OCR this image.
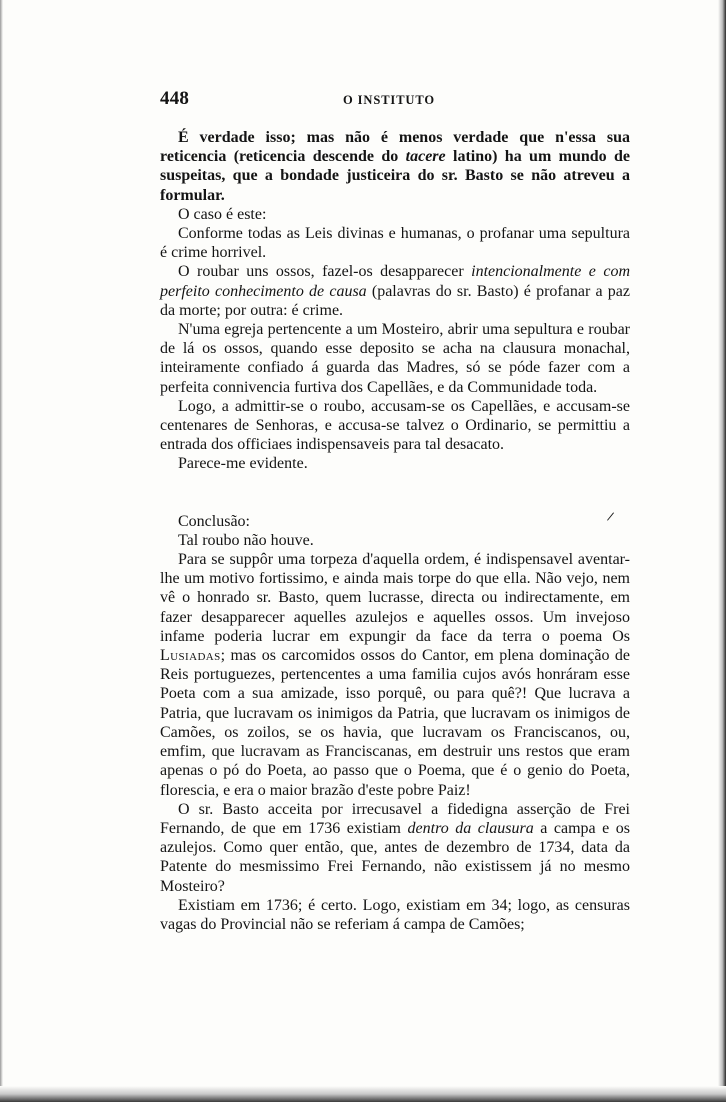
448	O INSTITUTO

É verdade isso; mas não é menos verdade que n'essa sua reticencia (reticencia descende do tacere latino) ha um mundo de suspeitas, que a bondade justiceira do sr. Basto se não atreveu a formular.

O caso é este:

Conforme todas as Leis divinas e humanas, o profanar uma sepultura é crime horrivel.

O roubar uns ossos, fazel-os desapparecer intencionalmente e com perfeito conhecimento de causa (palavras do sr. Basto) é profanar a paz da morte; por outra: é crime.

N'uma egreja pertencente a um Mosteiro, abrir uma sepultura e roubar de lá os ossos, quando esse deposito se acha na clausura monachal, inteiramente confiado á guarda das Madres, só se póde fazer com a perfeita connivencia furtiva dos Capellães, e da Communidade toda.

Logo, a admittir-se o roubo, accusam-se os Capellães, e accusam-se centenares de Senhoras, e accusa-se talvez o Ordinario, se permittiu a entrada dos officiaes indispensaveis para tal desacato.

Parece-me evidente.

Conclusão:

Tal roubo não houve.

Para se suppôr uma torpeza d'aquella ordem, é indispensavel aventar-lhe um motivo fortissimo, e ainda mais torpe do que ella. Não vejo, nem vê o honrado sr. Basto, quem lucrasse, directa ou indirectamente, em fazer desapparecer aquelles azulejos e aquelles ossos. Um invejoso infame poderia lucrar em expungir da face da terra o poema Os Lusiadas; mas os carcomidos ossos do Cantor, em plena dominação de Reis portuguezes, pertencentes a uma familia cujos avós honráram esse Poeta com a sua amizade, isso porquê, ou para quê?! Que lucrava a Patria, que lucravam os inimigos da Patria, que lucravam os inimigos de Camões, os zoilos, se os havia, que lucravam os Franciscanos, ou, emfim, que lucravam as Franciscanas, em destruir uns restos que eram apenas o pó do Poeta, ao passo que o Poema, que é o genio do Poeta, florescia, e era o maior brazão d'este pobre Paiz!

O sr. Basto acceita por irrecusavel a fidedigna asserção de Frei Fernando, de que em 1736 existiam dentro da clausura a campa e os azulejos. Como quer então, que, antes de dezembro de 1734, data da Patente do mesmissimo Frei Fernando, não existissem já no mesmo Mosteiro?

Existiam em 1736; é certo. Logo, existiam em 34; logo, as censuras vagas do Provincial não se referiam á campa de Camões;

/
